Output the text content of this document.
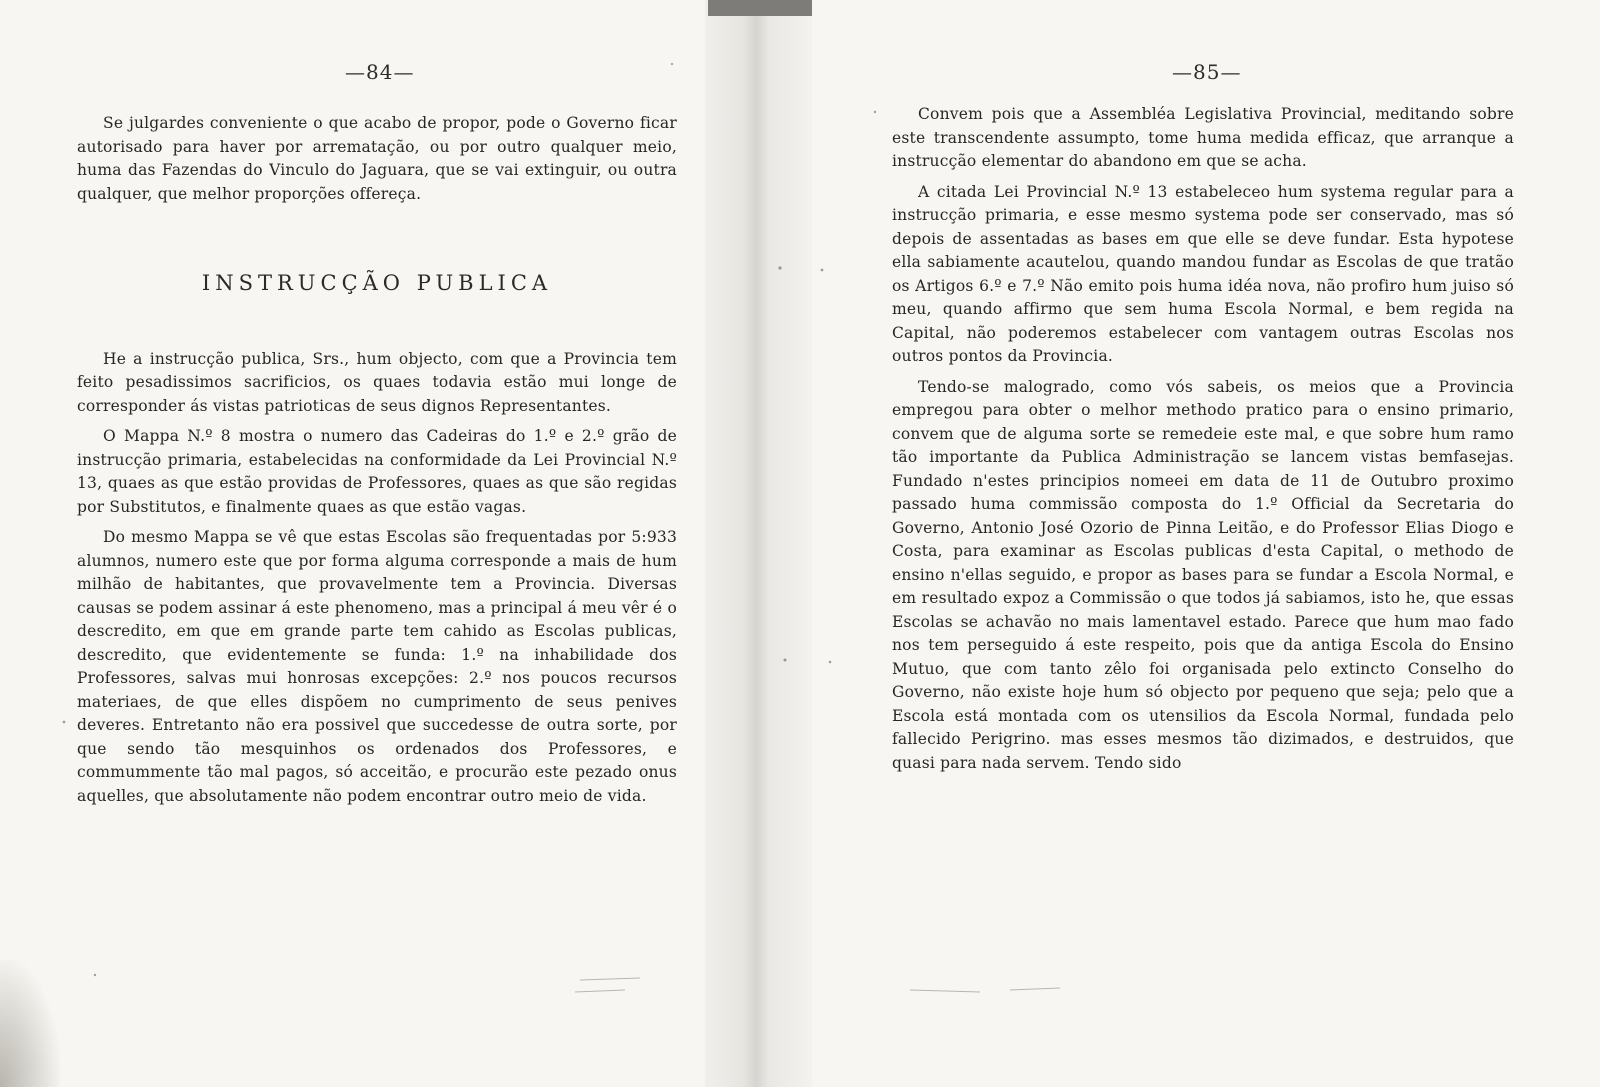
—84—

Se julgardes conveniente o que acabo de propor, pode o Governo ficar autorisado para haver por arrematação, ou por outro qualquer meio, huma das Fazendas do Vinculo do Jaguara, que se vai extinguir, ou outra qualquer, que melhor proporções offereça.

INSTRUCÇÃO PUBLICA

He a instrucção publica, Srs., hum objecto, com que a Provincia tem feito pesadissimos sacrificios, os quaes todavia estão mui longe de corresponder ás vistas patrioticas de seus dignos Representantes.

O Mappa N.º 8 mostra o numero das Cadeiras do 1.º e 2.º grão de instrucção primaria, estabelecidas na conformidade da Lei Provincial N.º 13, quaes as que estão providas de Professores, quaes as que são regidas por Substitutos, e finalmente quaes as que estão vagas.

Do mesmo Mappa se vê que estas Escolas são frequentadas por 5:933 alumnos, numero este que por forma alguma corresponde a mais de hum milhão de habitantes, que provavelmente tem a Provincia. Diversas causas se podem assinar á este phenomeno, mas a principal á meu vêr é o descredito, em que em grande parte tem cahido as Escolas publicas, descredito, que evidentemente se funda: 1.º na inhabilidade dos Professores, salvas mui honrosas excepções: 2.º nos poucos recursos materiaes, de que elles dispõem no cumprimento de seus penives deveres. Entretanto não era possivel que succedesse de outra sorte, por que sendo tão mesquinhos os ordenados dos Professores, e commummente tão mal pagos, só acceitão, e procurão este pezado onus aquelles, que absolutamente não podem encontrar outro meio de vida.

—85—

Convem pois que a Assembléa Legislativa Provincial, meditando sobre este transcendente assumpto, tome huma medida efficaz, que arranque a instrucção elementar do abandono em que se acha.

A citada Lei Provincial N.º 13 estabeleceo hum systema regular para a instrucção primaria, e esse mesmo systema pode ser conservado, mas só depois de assentadas as bases em que elle se deve fundar. Esta hypotese ella sabiamente acautelou, quando mandou fundar as Escolas de que tratão os Artigos 6.º e 7.º Não emito pois huma idéa nova, não profiro hum juiso só meu, quando affirmo que sem huma Escola Normal, e bem regida na Capital, não poderemos estabelecer com vantagem outras Escolas nos outros pontos da Provincia.

Tendo-se malogrado, como vós sabeis, os meios que a Provincia empregou para obter o melhor methodo pratico para o ensino primario, convem que de alguma sorte se remedeie este mal, e que sobre hum ramo tão importante da Publica Administração se lancem vistas bemfasejas. Fundado n'estes principios nomeei em data de 11 de Outubro proximo passado huma commissão composta do 1.º Official da Secretaria do Governo, Antonio José Ozorio de Pinna Leitão, e do Professor Elias Diogo e Costa, para examinar as Escolas publicas d'esta Capital, o methodo de ensino n'ellas seguido, e propor as bases para se fundar a Escola Normal, e em resultado expoz a Commissão o que todos já sabiamos, isto he, que essas Escolas se achavão no mais lamentavel estado. Parece que hum mao fado nos tem perseguido á este respeito, pois que da antiga Escola do Ensino Mutuo, que com tanto zêlo foi organisada pelo extincto Conselho do Governo, não existe hoje hum só objecto por pequeno que seja; pelo que a Escola está montada com os utensilios da Escola Normal, fundada pelo fallecido Perigrino. mas esses mesmos tão dizimados, e destruidos, que quasi para nada servem. Tendo sido
